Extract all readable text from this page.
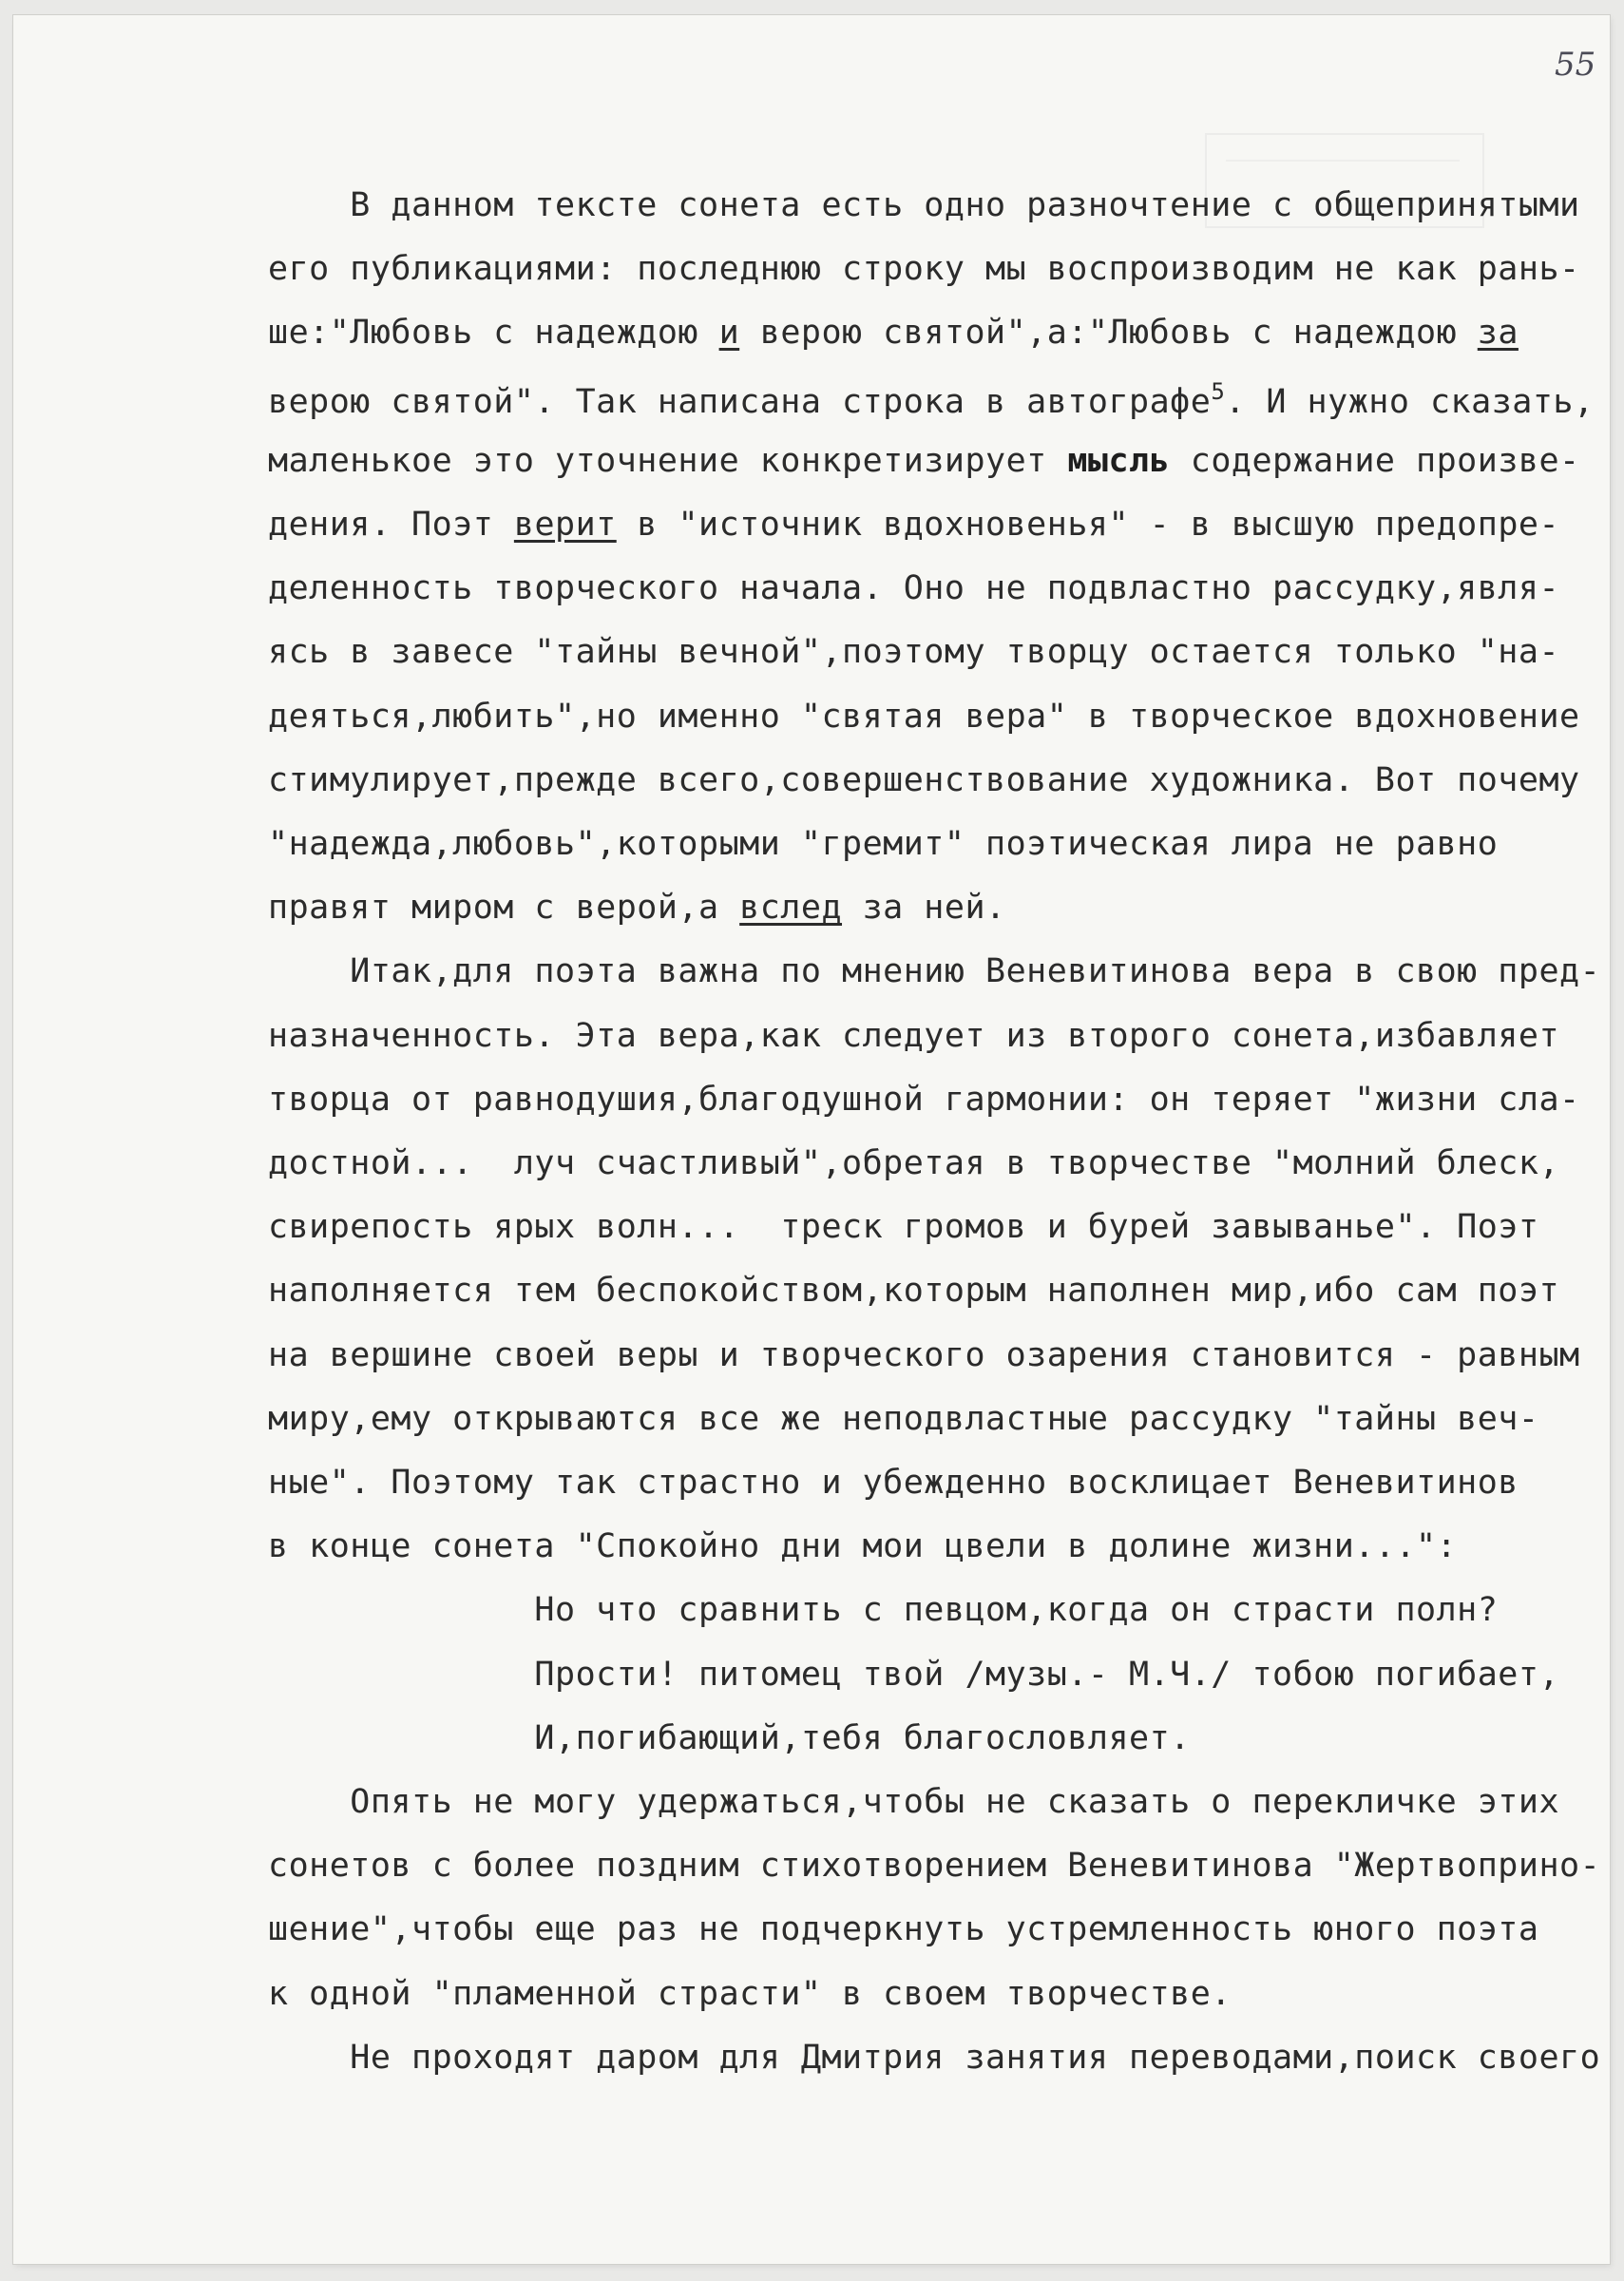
55
В данном тексте сонета есть одно разночтение с общепринятыми
его публикациями: последнюю строку мы воспроизводим не как рань-
ше:"Любовь с надеждою и верою святой",а:"Любовь с надеждою за
верою святой". Так написана строка в автографе$^5$. И нужно сказать,
маленькое это уточнение конкретизирует мысль содержание произве-
дения. Поэт верит в "источник вдохновенья" - в высшую предопре-
деленность творческого начала. Оно не подвластно рассудку,явля-
ясь в завесе "тайны вечной",поэтому творцу остается только "на-
деяться,любить",но именно "святая вера" в творческое вдохновение
стимулирует,прежде всего,совершенствование художника. Вот почему
"надежда,любовь",которыми "гремит" поэтическая лира не равно
правят миром с верой,а вслед за ней.
Итак,для поэта важна по мнению Веневитинова вера в свою пред-
назначенность. Эта вера,как следует из второго сонета,избавляет
творца от равнодушия,благодушной гармонии: он теряет "жизни сла-
достной...  луч счастливый",обретая в творчестве "молний блеск,
свирепость ярых волн...  треск громов и бурей завыванье". Поэт
наполняется тем беспокойством,которым наполнен мир,ибо сам поэт
на вершине своей веры и творческого озарения становится - равным
миру,ему открываются все же неподвластные рассудку "тайны веч-
ные". Поэтому так страстно и убежденно восклицает Веневитинов
в конце сонета "Спокойно дни мои цвели в долине жизни...":
Но что сравнить с певцом,когда он страсти полн?
Прости! питомец твой /музы.- М.Ч./ тобою погибает,
И,погибающий,тебя благословляет.
Опять не могу удержаться,чтобы не сказать о перекличке этих
сонетов с более поздним стихотворением Веневитинова "Жертвоприно-
шение",чтобы еще раз не подчеркнуть устремленность юного поэта
к одной "пламенной страсти" в своем творчестве.
Не проходят даром для Дмитрия занятия переводами,поиск своего
